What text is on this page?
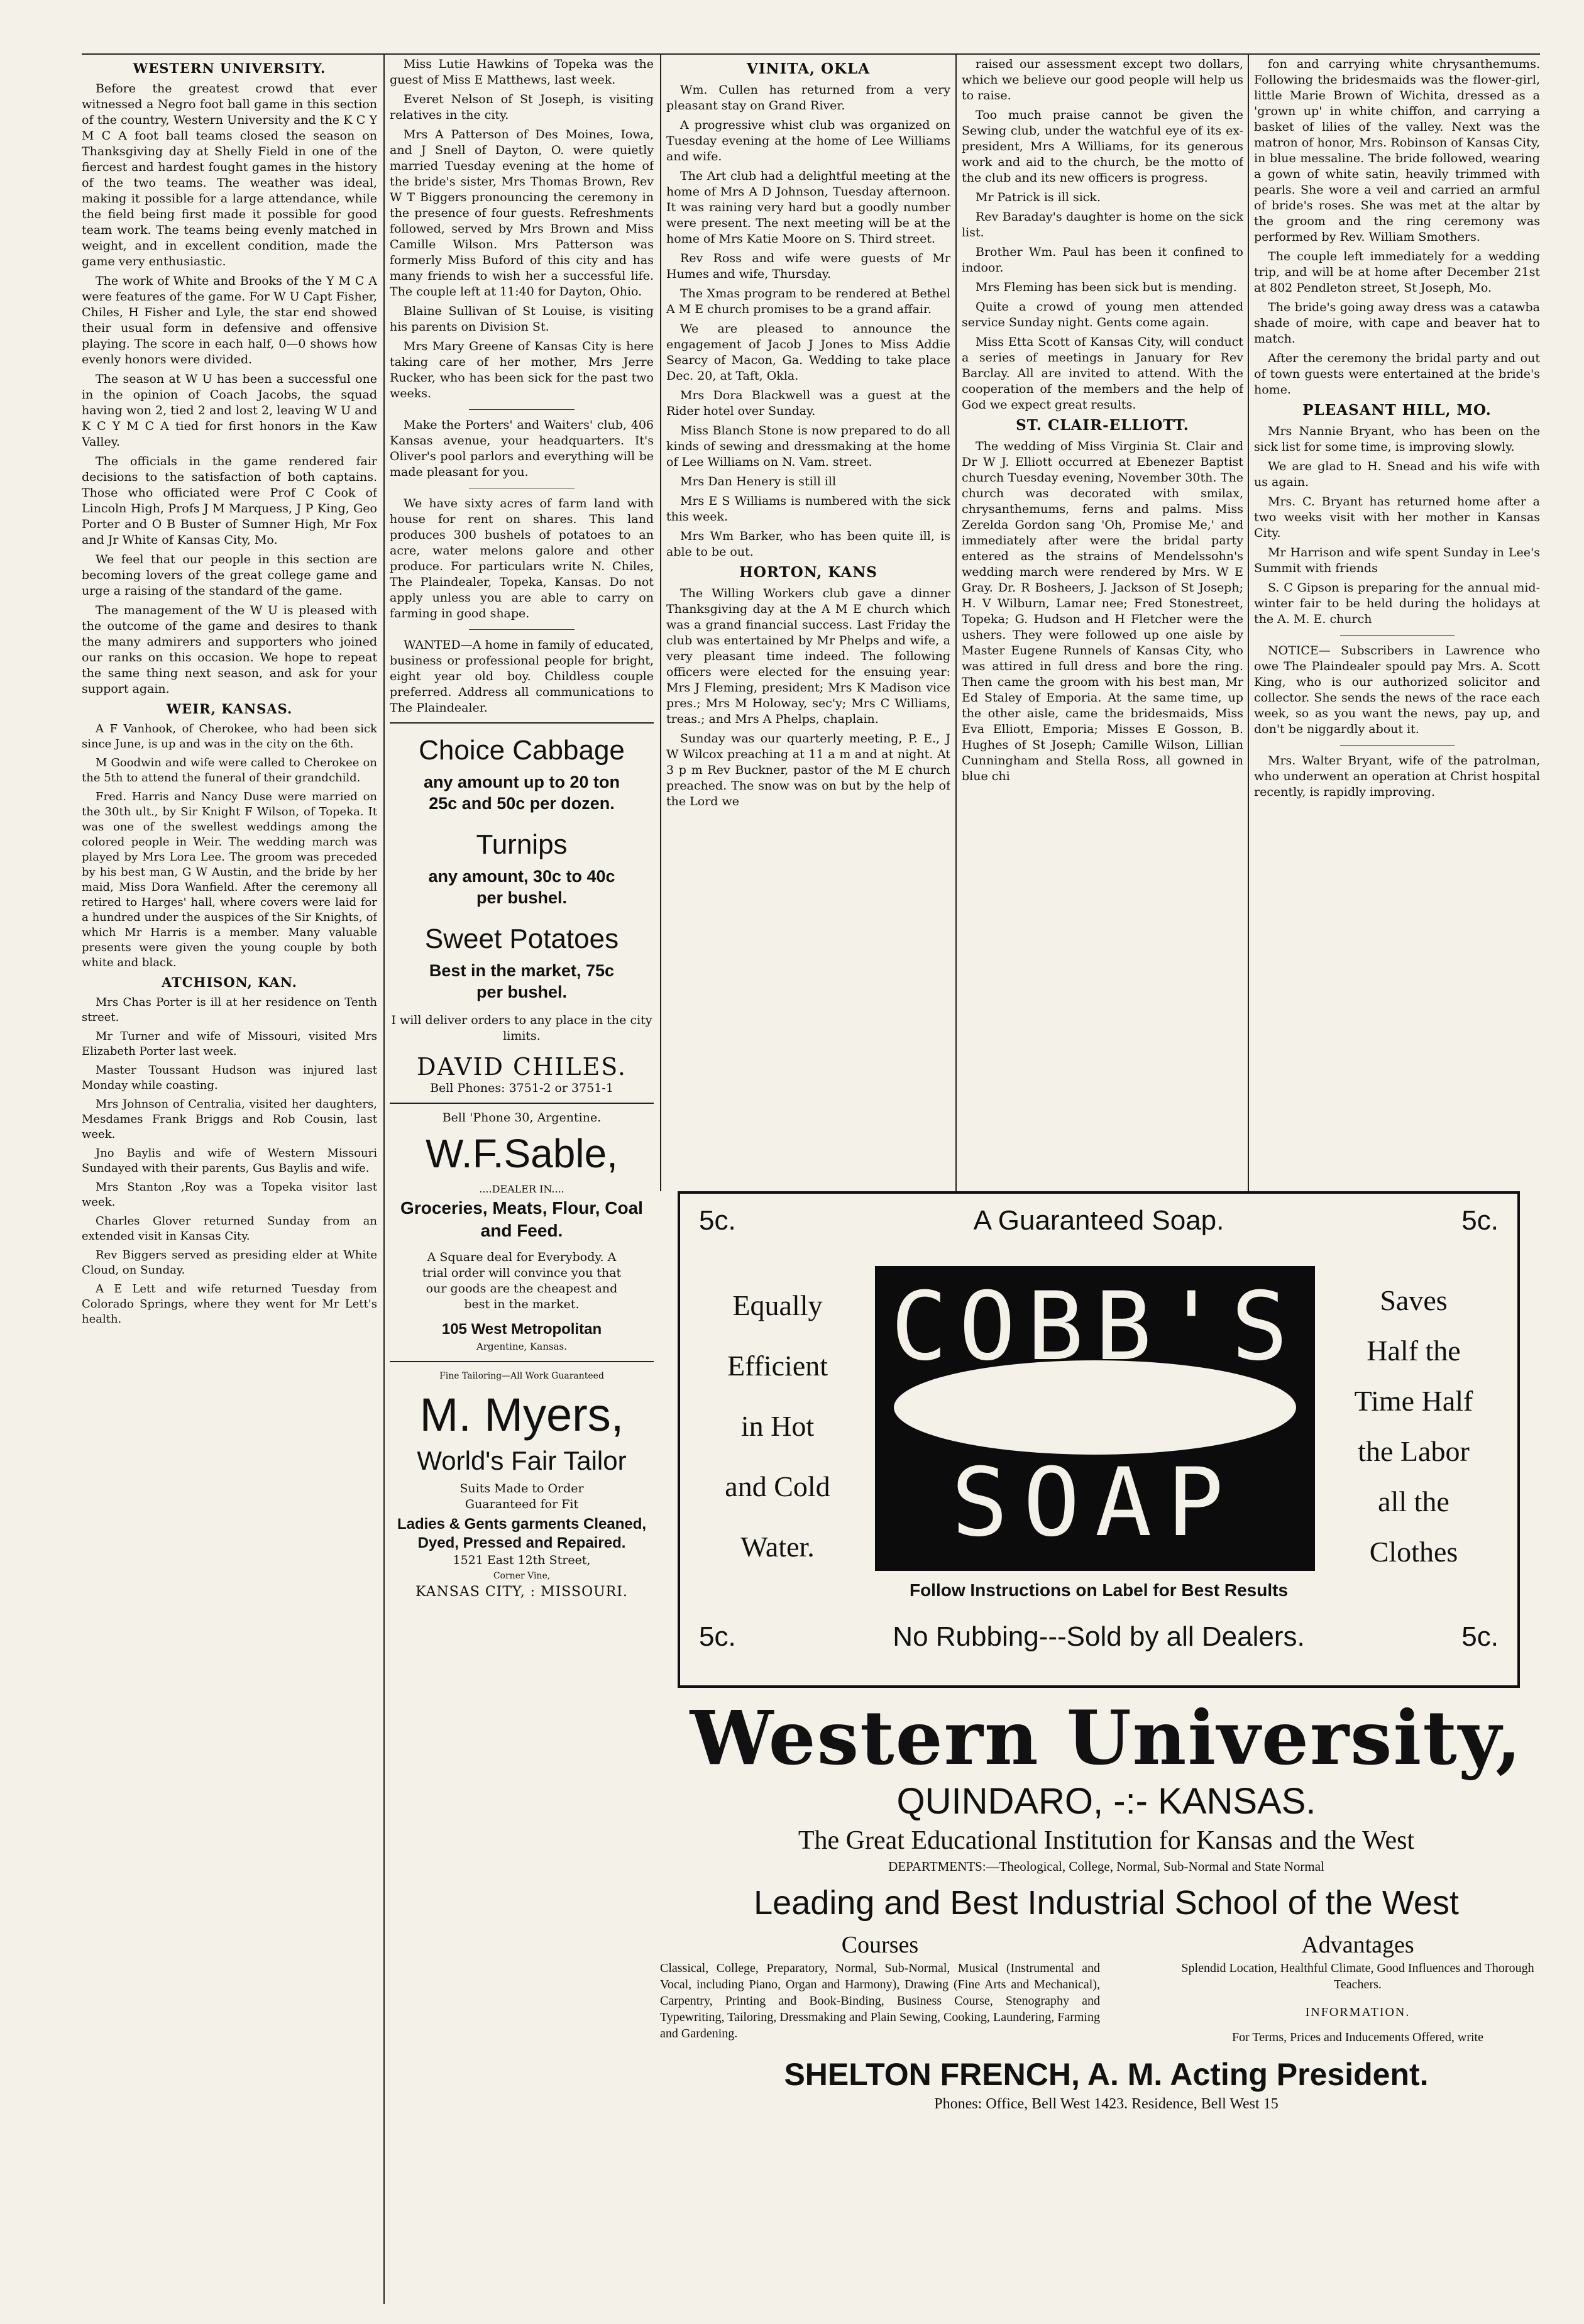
WESTERN UNIVERSITY.

Before the greatest crowd that ever witnessed a Negro foot ball game in this section of the country, Western University and the K C Y M C A foot ball teams closed the season on Thanksgiving day at Shelly Field in one of the fiercest and hardest fought games in the history of the two teams. The weather was ideal, making it possible for a large attendance, while the field being first made it possible for good team work. The teams being evenly matched in weight, and in excellent condition, made the game very enthusiastic.

The work of White and Brooks of the Y M C A were features of the game. For W U Capt Fisher, Chiles, H Fisher and Lyle, the star end showed their usual form in defensive and offensive playing. The score in each half, 0—0 shows how evenly honors were divided.

The season at W U has been a successful one in the opinion of Coach Jacobs, the squad having won 2, tied 2 and lost 2, leaving W U and K C Y M C A tied for first honors in the Kaw Valley.

The officials in the game rendered fair decisions to the satisfaction of both captains. Those who officiated were Prof C Cook of Lincoln High, Profs J M Marquess, J P King, Geo Porter and O B Buster of Sumner High, Mr Fox and Jr White of Kansas City, Mo.

We feel that our people in this section are becoming lovers of the great college game and urge a raising of the standard of the game.

The management of the W U is pleased with the outcome of the game and desires to thank the many admirers and supporters who joined our ranks on this occasion. We hope to repeat the same thing next season, and ask for your support again.

WEIR, KANSAS.

A F Vanhook, of Cherokee, who had been sick since June, is up and was in the city on the 6th.

M Goodwin and wife were called to Cherokee on the 5th to attend the funeral of their grandchild.

Fred. Harris and Nancy Duse were married on the 30th ult., by Sir Knight F Wilson, of Topeka. It was one of the swellest weddings among the colored people in Weir. The wedding march was played by Mrs Lora Lee. The groom was preceded by his best man, G W Austin, and the bride by her maid, Miss Dora Wanfield. After the ceremony all retired to Harges' hall, where covers were laid for a hundred under the auspices of the Sir Knights, of which Mr Harris is a member. Many valuable presents were given the young couple by both white and black.

ATCHISON, KAN.

Mrs Chas Porter is ill at her residence on Tenth street.

Mr Turner and wife of Missouri, visited Mrs Elizabeth Porter last week.

Master Toussant Hudson was injured last Monday while coasting.

Mrs Johnson of Centralia, visited her daughters, Mesdames Frank Briggs and Rob Cousin, last week.

Jno Baylis and wife of Western Missouri Sundayed with their parents, Gus Baylis and wife.

Mrs Stanton ,Roy was a Topeka visitor last week.

Charles Glover returned Sunday from an extended visit in Kansas City.

Rev Biggers served as presiding elder at White Cloud, on Sunday.

A E Lett and wife returned Tuesday from Colorado Springs, where they went for Mr Lett's health.

Miss Lutie Hawkins of Topeka was the guest of Miss E Matthews, last week.

Everet Nelson of St Joseph, is visiting relatives in the city.

Mrs A Patterson of Des Moines, Iowa, and J Snell of Dayton, O. were quietly married Tuesday evening at the home of the bride's sister, Mrs Thomas Brown, Rev W T Biggers pronouncing the ceremony in the presence of four guests. Refreshments followed, served by Mrs Brown and Miss Camille Wilson. Mrs Patterson was formerly Miss Buford of this city and has many friends to wish her a successful life. The couple left at 11:40 for Dayton, Ohio.

Blaine Sullivan of St Louise, is visiting his parents on Division St.

Mrs Mary Greene of Kansas City is here taking care of her mother, Mrs Jerre Rucker, who has been sick for the past two weeks.

Make the Porters' and Waiters' club, 406 Kansas avenue, your headquarters. It's Oliver's pool parlors and everything will be made pleasant for you.

We have sixty acres of farm land with house for rent on shares. This land produces 300 bushels of potatoes to an acre, water melons galore and other produce. For particulars write N. Chiles, The Plaindealer, Topeka, Kansas. Do not apply unless you are able to carry on farming in good shape.

WANTED—A home in family of educated, business or professional people for bright, eight year old boy. Childless couple preferred. Address all communications to The Plaindealer.

Choice Cabbage
any amount up to 20 ton
25c and 50c per dozen.
Turnips
any amount, 30c to 40c
per bushel.
Sweet Potatoes
Best in the market, 75c
per bushel.
I will deliver orders to any place in the city limits.
DAVID CHILES.
Bell Phones: 3751-2 or 3751-1
Bell 'Phone 30, Argentine.
W.F.Sable,
....DEALER IN....
Groceries, Meats, Flour, Coal and Feed.
A Square deal for Everybody. A trial order will convince you that our goods are the cheapest and best in the market.
105 West Metropolitan
Argentine, Kansas.
Fine Tailoring—All Work Guaranteed
M. Myers,
World's Fair Tailor
Suits Made to Order Guaranteed for Fit
Ladies & Gents garments Cleaned, Dyed, Pressed and Repaired.
1521 East 12th Street,
Corner Vine,
KANSAS CITY, : MISSOURI.
VINITA, OKLA

Wm. Cullen has returned from a very pleasant stay on Grand River.

A progressive whist club was organized on Tuesday evening at the home of Lee Williams and wife.

The Art club had a delightful meeting at the home of Mrs A D Johnson, Tuesday afternoon. It was raining very hard but a goodly number were present. The next meeting will be at the home of Mrs Katie Moore on S. Third street.

Rev Ross and wife were guests of Mr Humes and wife, Thursday.

The Xmas program to be rendered at Bethel A M E church promises to be a grand affair.

We are pleased to announce the engagement of Jacob J Jones to Miss Addie Searcy of Macon, Ga. Wedding to take place Dec. 20, at Taft, Okla.

Mrs Dora Blackwell was a guest at the Rider hotel over Sunday.

Miss Blanch Stone is now prepared to do all kinds of sewing and dressmaking at the home of Lee Williams on N. Vam. street.

Mrs Dan Henery is still ill

Mrs E S Williams is numbered with the sick this week.

Mrs Wm Barker, who has been quite ill, is able to be out.

HORTON, KANS

The Willing Workers club gave a dinner Thanksgiving day at the A M E church which was a grand financial success. Last Friday the club was entertained by Mr Phelps and wife, a very pleasant time indeed. The following officers were elected for the ensuing year: Mrs J Fleming, president; Mrs K Madison vice pres.; Mrs M Holoway, sec'y; Mrs C Williams, treas.; and Mrs A Phelps, chaplain.

Sunday was our quarterly meeting, P. E., J W Wilcox preaching at 11 a m and at night. At 3 p m Rev Buckner, pastor of the M E church preached. The snow was on but by the help of the Lord we

raised our assessment except two dollars, which we believe our good people will help us to raise.

Too much praise cannot be given the Sewing club, under the watchful eye of its ex-president, Mrs A Williams, for its generous work and aid to the church, be the motto of the club and its new officers is progress.

Mr Patrick is ill sick.

Rev Baraday's daughter is home on the sick list.

Brother Wm. Paul has been it confined to indoor.

Mrs Fleming has been sick but is mending.

Quite a crowd of young men attended service Sunday night. Gents come again.

Miss Etta Scott of Kansas City, will conduct a series of meetings in January for Rev Barclay. All are invited to attend. With the cooperation of the members and the help of God we expect great results.

ST. CLAIR-ELLIOTT.

The wedding of Miss Virginia St. Clair and Dr W J. Elliott occurred at Ebenezer Baptist church Tuesday evening, November 30th. The church was decorated with smilax, chrysanthemums, ferns and palms. Miss Zerelda Gordon sang 'Oh, Promise Me,' and immediately after were the bridal party entered as the strains of Mendelssohn's wedding march were rendered by Mrs. W E Gray. Dr. R Bosheers, J. Jackson of St Joseph; H. V Wilburn, Lamar nee; Fred Stonestreet, Topeka; G. Hudson and H Fletcher were the ushers. They were followed up one aisle by Master Eugene Runnels of Kansas City, who was attired in full dress and bore the ring. Then came the groom with his best man, Mr Ed Staley of Emporia. At the same time, up the other aisle, came the bridesmaids, Miss Eva Elliott, Emporia; Misses E Gosson, B. Hughes of St Joseph; Camille Wilson, Lillian Cunningham and Stella Ross, all gowned in blue chi

fon and carrying white chrysanthemums. Following the bridesmaids was the flower-girl, little Marie Brown of Wichita, dressed as a 'grown up' in white chiffon, and carrying a basket of lilies of the valley. Next was the matron of honor, Mrs. Robinson of Kansas City, in blue messaline. The bride followed, wearing a gown of white satin, heavily trimmed with pearls. She wore a veil and carried an armful of bride's roses. She was met at the altar by the groom and the ring ceremony was performed by Rev. William Smothers.

The couple left immediately for a wedding trip, and will be at home after December 21st at 802 Pendleton street, St Joseph, Mo.

The bride's going away dress was a catawba shade of moire, with cape and beaver hat to match.

After the ceremony the bridal party and out of town guests were entertained at the bride's home.

PLEASANT HILL, MO.

Mrs Nannie Bryant, who has been on the sick list for some time, is improving slowly.

We are glad to H. Snead and his wife with us again.

Mrs. C. Bryant has returned home after a two weeks visit with her mother in Kansas City.

Mr Harrison and wife spent Sunday in Lee's Summit with friends

S. C Gipson is preparing for the annual mid-winter fair to be held during the holidays at the A. M. E. church

NOTICE— Subscribers in Lawrence who owe The Plaindealer spould pay Mrs. A. Scott King, who is our authorized solicitor and collector. She sends the news of the race each week, so as you want the news, pay up, and don't be niggardly about it.

Mrs. Walter Bryant, wife of the patrolman, who underwent an operation at Christ hospital recently, is rapidly improving.

5c.	A Guaranteed Soap.	5c.
Equally
Efficient
in Hot
and Cold
Water.
COBB'S
SOAP
Saves
Half the
Time Half
the Labor
all the
Clothes
Follow Instructions on Label for Best Results
5c.	No Rubbing---Sold by all Dealers.	5c.
Western University,
QUINDARO, -:- KANSAS.
The Great Educational Institution for Kansas and the West
DEPARTMENTS:—Theological, College, Normal, Sub-Normal and State Normal
Leading and Best Industrial School of the West
Courses
Classical, College, Preparatory, Normal, Sub-Normal, Musical (Instrumental and Vocal, including Piano, Organ and Harmony), Drawing (Fine Arts and Mechanical), Carpentry, Printing and Book-Binding, Business Course, Stenography and Typewriting, Tailoring, Dressmaking and Plain Sewing, Cooking, Laundering, Farming and Gardening.
Advantages
Splendid Location, Healthful Climate, Good Influences and Thorough Teachers.
INFORMATION.
For Terms, Prices and Inducements Offered, write
SHELTON FRENCH, A. M. Acting President.
Phones: Office, Bell West 1423. Residence, Bell West 15
